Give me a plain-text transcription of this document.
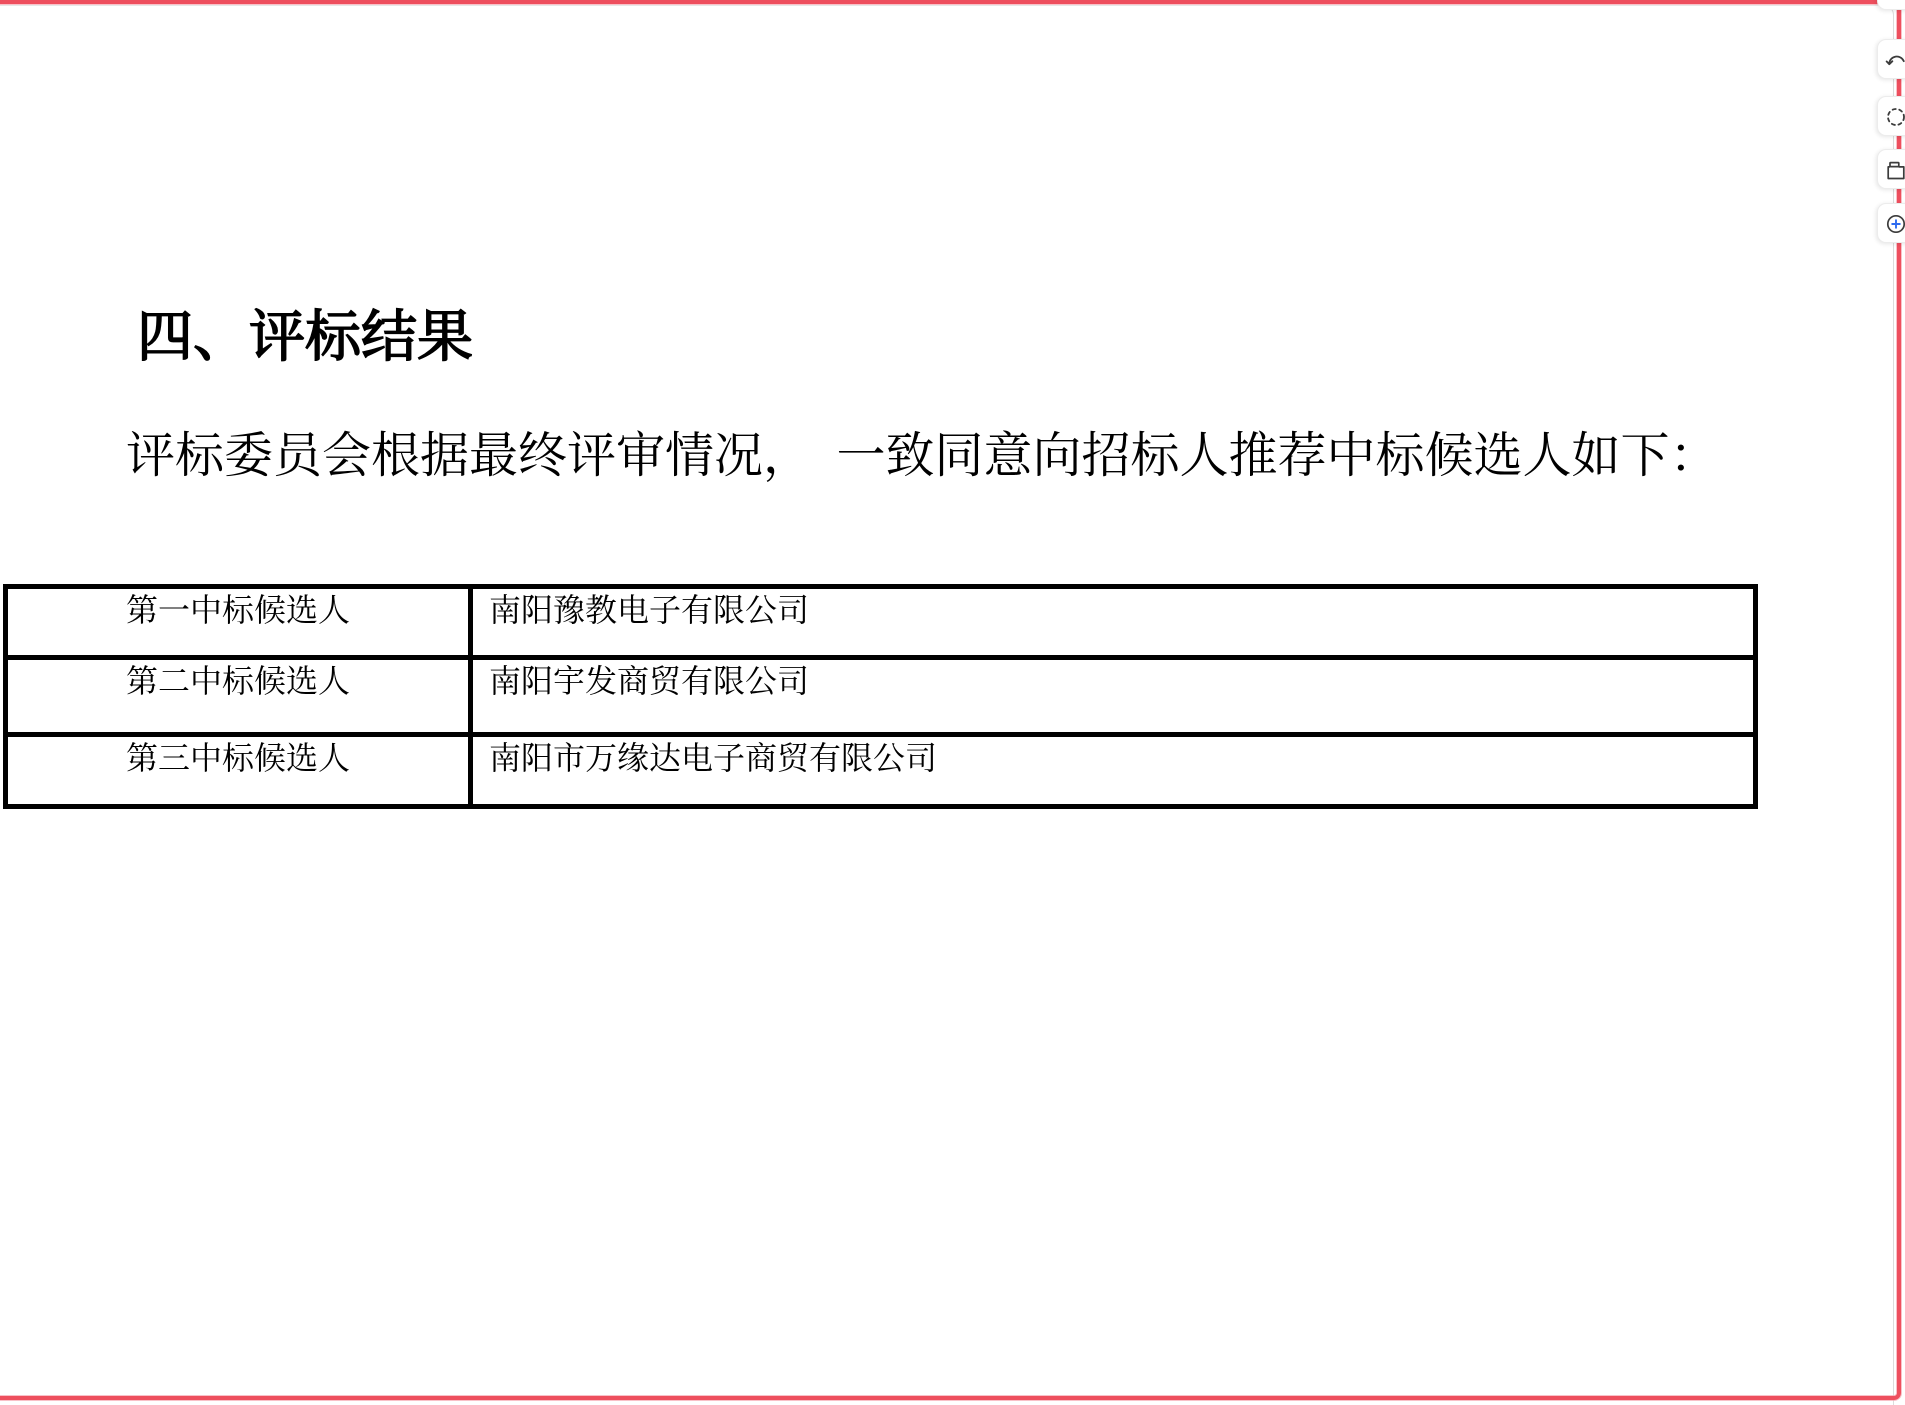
四、评标结果
评标委员会根据最终评审情况，　一致同意向招标人推荐中标候选人如下：
第一中标候选人	南阳豫教电子有限公司
第二中标候选人	南阳宇发商贸有限公司
第三中标候选人	南阳市万缘达电子商贸有限公司
